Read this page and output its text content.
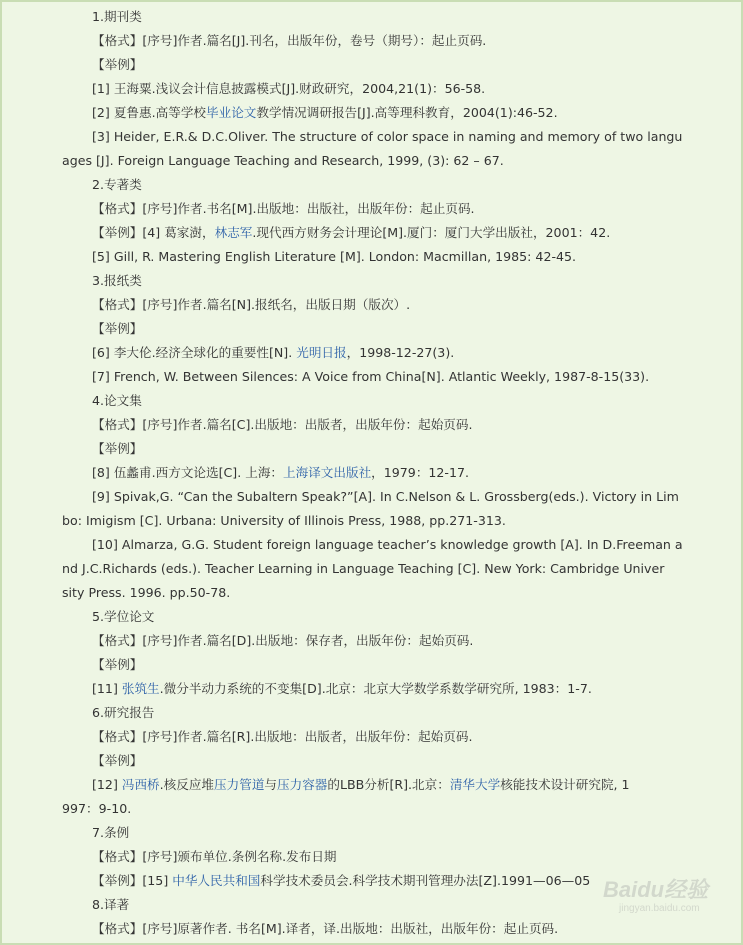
1.期刊类
【格式】[序号]作者.篇名[J].刊名，出版年份，卷号（期号）：起止页码.
【举例】
[1] 王海粟.浅议会计信息披露模式[J].财政研究，2004,21(1)：56-58.
[2] 夏鲁惠.高等学校毕业论文教学情况调研报告[J].高等理科教育，2004(1):46-52.
[3] Heider, E.R.& D.C.Oliver. The structure of color space in naming and memory of two langu
ages [J]. Foreign Language Teaching and Research, 1999, (3): 62 – 67.
2.专著类
【格式】[序号]作者.书名[M].出版地：出版社，出版年份：起止页码.
【举例】[4] 葛家澍，林志军.现代西方财务会计理论[M].厦门：厦门大学出版社，2001：42.
[5] Gill, R. Mastering English Literature [M]. London: Macmillan, 1985: 42-45.
3.报纸类
【格式】[序号]作者.篇名[N].报纸名，出版日期（版次）.
【举例】
[6] 李大伦.经济全球化的重要性[N]. 光明日报，1998-12-27(3).
[7] French, W. Between Silences: A Voice from China[N]. Atlantic Weekly, 1987-8-15(33).
4.论文集
【格式】[序号]作者.篇名[C].出版地：出版者，出版年份：起始页码.
【举例】
[8] 伍蠡甫.西方文论选[C]. 上海：上海译文出版社，1979：12-17.
[9] Spivak,G. “Can the Subaltern Speak?”[A]. In C.Nelson & L. Grossberg(eds.). Victory in Lim
bo: Imigism [C]. Urbana: University of Illinois Press, 1988, pp.271-313.
[10] Almarza, G.G. Student foreign language teacher’s knowledge growth [A]. In D.Freeman a
nd J.C.Richards (eds.). Teacher Learning in Language Teaching [C]. New York: Cambridge Univer
sity Press. 1996. pp.50-78.
5.学位论文
【格式】[序号]作者.篇名[D].出版地：保存者，出版年份：起始页码.
【举例】
[11] 张筑生.微分半动力系统的不变集[D].北京：北京大学数学系数学研究所, 1983：1-7.
6.研究报告
【格式】[序号]作者.篇名[R].出版地：出版者，出版年份：起始页码.
【举例】
[12] 冯西桥.核反应堆压力管道与压力容器的LBB分析[R].北京：清华大学核能技术设计研究院, 1
997：9-10.
7.条例
【格式】[序号]颁布单位.条例名称.发布日期
【举例】[15] 中华人民共和国科学技术委员会.科学技术期刊管理办法[Z].1991—06—05
8.译著
【格式】[序号]原著作者. 书名[M].译者，译.出版地：出版社，出版年份：起止页码.
Baidu经验
jingyan.baidu.com
